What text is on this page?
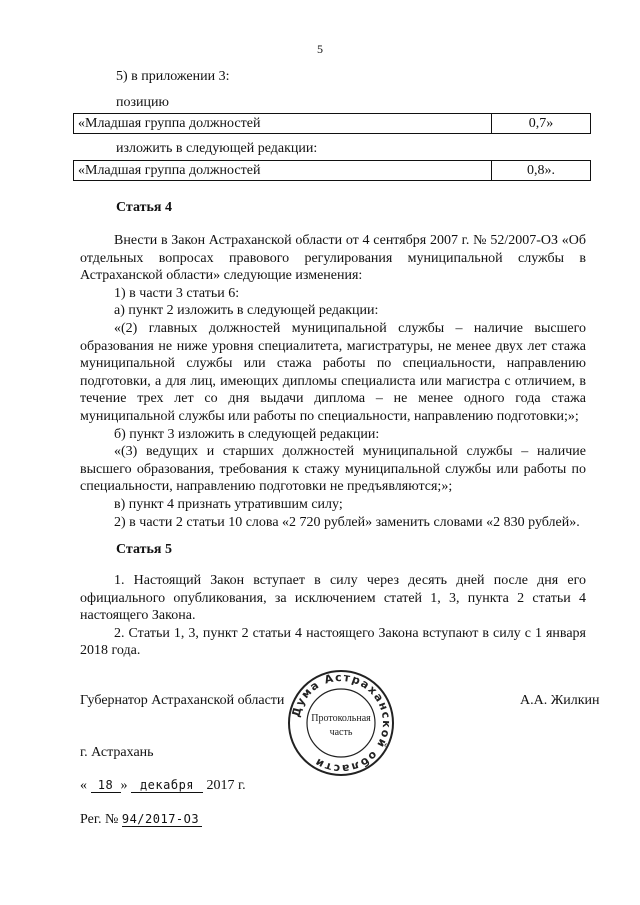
5
5) в приложении 3:
позицию
«Младшая группа должностей	0,7»
изложить в следующей редакции:
«Младшая группа должностей	0,8».
Статья 4
Внести в Закон Астраханской области от 4 сентября 2007 г. № 52/2007-ОЗ «Об отдельных вопросах правового регулирования муниципальной службы в Астраханской области» следующие изменения:
1) в части 3 статьи 6:
а) пункт 2 изложить в следующей редакции:
«(2) главных должностей муниципальной службы – наличие высшего образования не ниже уровня специалитета, магистратуры, не менее двух лет стажа муниципальной службы или стажа работы по специальности, направлению подготовки, а для лиц, имеющих дипломы специалиста или магистра с отличием, в течение трех лет со дня выдачи диплома – не менее одного года стажа муниципальной службы или работы по специальности, направлению подготовки;»;
б) пункт 3 изложить в следующей редакции:
«(3) ведущих и старших должностей муниципальной службы – наличие высшего образования, требования к стажу муниципальной службы или работы по специальности, направлению подготовки не предъявляются;»;
в) пункт 4 признать утратившим силу;
2) в части 2 статьи 10 слова «2 720 рублей» заменить словами «2 830 рублей».
Статья 5
1. Настоящий Закон вступает в силу через десять дней после дня его официального опубликования, за исключением статей 1, 3, пункта 2 статьи 4 настоящего Закона.
2. Статьи 1, 3, пункт 2 статьи 4 настоящего Закона вступают в силу с 1 января 2018 года.
Губернатор Астраханской области	А.А. Жилкин
Дума Астраханской области
Протокольная
часть
г. Астрахань
« 18 » декабря 2017 г.
Рег. № 94/2017-ОЗ
